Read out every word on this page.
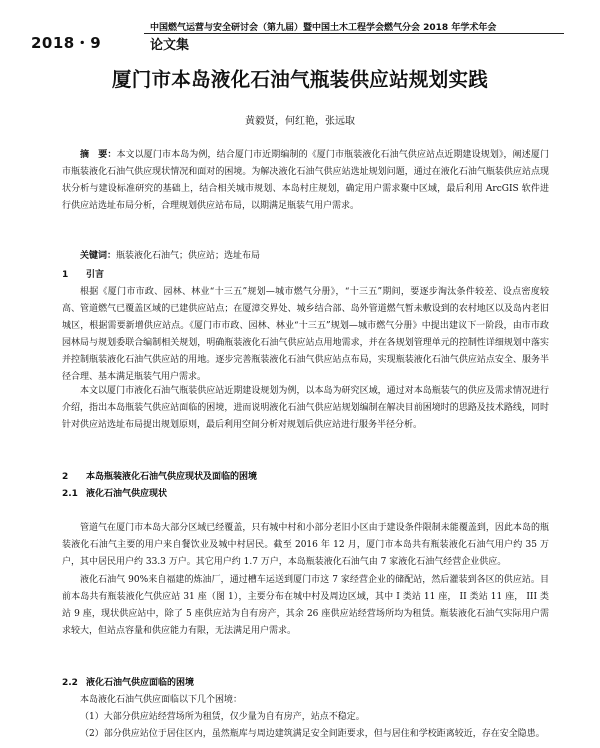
2018・9
中国燃气运营与安全研讨会（第九届）暨中国土木工程学会燃气分会 2018 年学术年会
论文集
厦门市本岛液化石油气瓶装供应站规划实践
黄毅贤，何红艳，张远取
摘　要：本文以厦门市本岛为例，结合厦门市近期编制的《厦门市瓶装液化石油气供应站点近期建设规划》，阐述厦门市瓶装液化石油气供应现状情况和面对的困境。为解决液化石油气供应站选址规划问题，通过在液化石油气瓶装供应站点现状分析与建设标准研究的基础上，结合相关城市规划、本岛村庄规划，确定用户需求聚中区域，最后利用 ArcGIS 软件进行供应站选址布局分析，合理规划供应站布局，以期满足瓶装气用户需求。
关键词：瓶装液化石油气；供应站；选址布局
1 引言
根据《厦门市市政、园林、林业“十三五”规划—城市燃气分册》，“十三五”期间，要逐步淘汰条件较差、设点密度较高、管道燃气已覆盖区域的已建供应站点；在厦漳交界处、城乡结合部、岛外管道燃气暂未敷设到的农村地区以及岛内老旧城区，根据需要新增供应站点。《厦门市市政、园林、林业“十三五”规划—城市燃气分册》中提出建议下一阶段，由市市政园林局与规划委联合编制相关规划，明确瓶装液化石油气供应站点用地需求，并在各规划管理单元的控制性详细规划中落实并控制瓶装液化石油气供应站的用地。逐步完善瓶装液化石油气供应站点布局，实现瓶装液化石油气供应站点安全、服务半径合理、基本满足瓶装气用户需求。
本文以厦门市液化石油气瓶装供应站近期建设规划为例，以本岛为研究区域，通过对本岛瓶装气的供应及需求情况进行介绍，指出本岛瓶装气供应站面临的困境，进而说明液化石油气供应站规划编制在解决目前困境时的思路及技术路线，同时针对供应站选址布局提出规划原则，最后利用空间分析对规划后供应站进行服务半径分析。
2 本岛瓶装液化石油气供应现状及面临的困境
2.1 液化石油气供应现状
管道气在厦门市本岛大部分区域已经覆盖，只有城中村和小部分老旧小区由于建设条件限制未能覆盖到，因此本岛的瓶装液化石油气主要的用户来自餐饮业及城中村居民。截至 2016 年 12 月，厦门市本岛共有瓶装液化石油气用户约 35 万户，其中居民用户约 33.3 万户。其它用户约 1.7 万户，本岛瓶装液化石油气由 7 家液化石油气经营企业供应。
液化石油气 90%来自福建的炼油厂，通过槽车运送到厦门市这 7 家经营企业的储配站，然后灌装到各区的供应站。目前本岛共有瓶装液化气供应站 31 座（图 1），主要分布在城中村及周边区域，其中 I 类站 11 座， II 类站 11 座， III 类站 9 座，现状供应站中，除了 5 座供应站为自有房产，其余 26 座供应站经营场所均为租赁。瓶装液化石油气实际用户需求较大，但站点容量和供应能力有限，无法满足用户需求。
2.2 液化石油气供应面临的困境
本岛液化石油气供应面临以下几个困境：
（1）大部分供应站经营场所为租赁，仅少量为自有房产，站点不稳定。
（2）部分供应站位于居住区内，虽然瓶库与周边建筑满足安全间距要求，但与居住和学校距离较近，存在安全隐患。
